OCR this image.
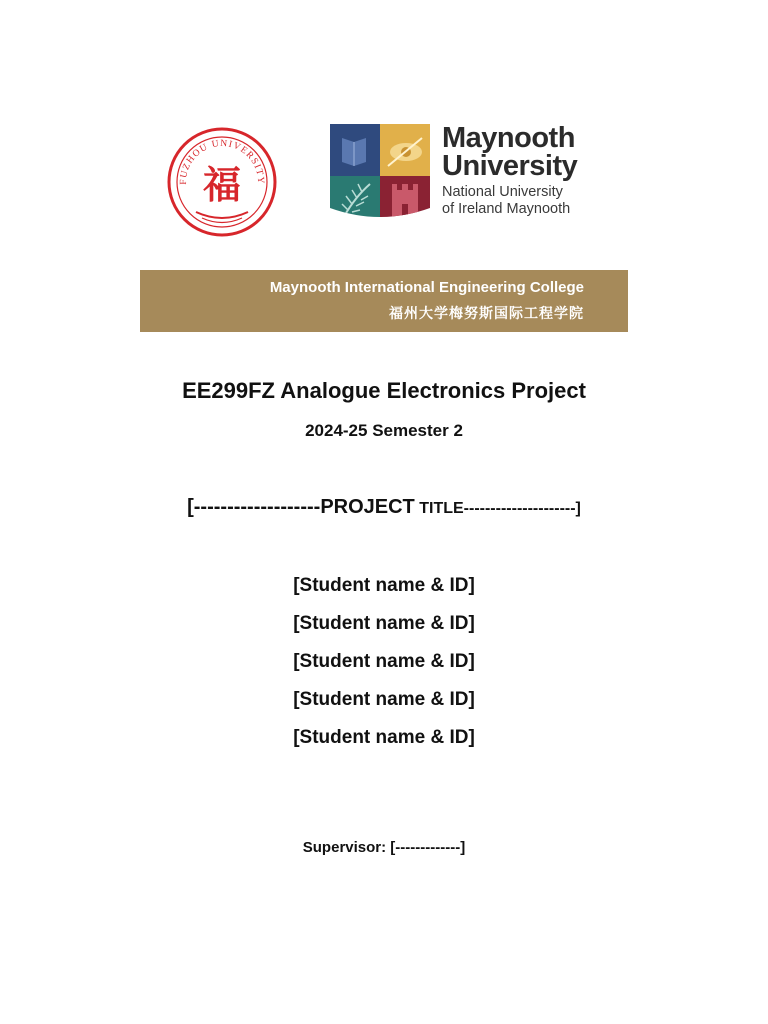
FUZHOU UNIVERSITY
福
Maynooth
University
National University
of Ireland Maynooth
Maynooth International Engineering College
福州大学梅努斯国际工程学院
EE299FZ Analogue Electronics Project
2024-25 Semester 2
[-------------------PROJECT TITLE---------------------]
[Student name & ID]
[Student name & ID]
[Student name & ID]
[Student name & ID]
[Student name & ID]
Supervisor: [-------------]
